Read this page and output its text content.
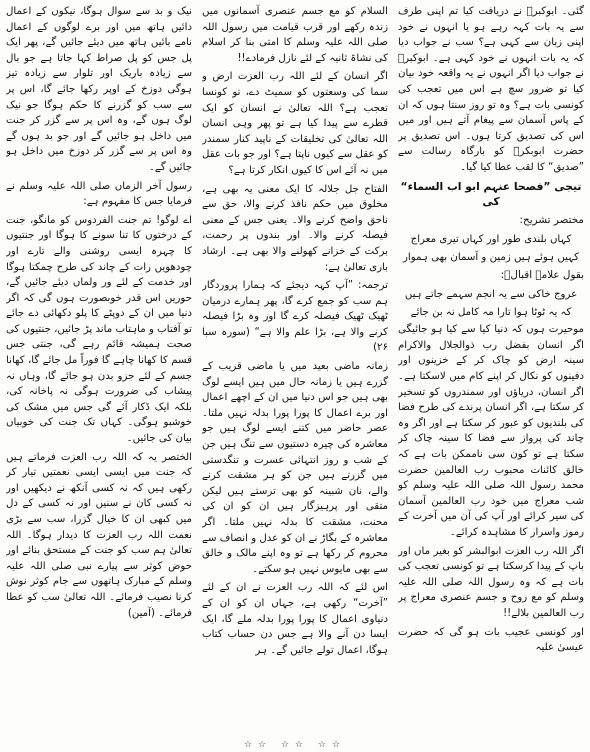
گئی۔ ابوکبرؓ نے دریافت کیا تم اپنی طرف سے یہ بات کہہ رہے ہو یا انہوں نے خود اپنی زبان سے کہی ہے؟ سب نے جواب دیا کہ یہ بات انہوں نے خود کہی ہے۔ ابوکبرؓ نے جواب دیا اگر انہوں نے یہ واقعہ خود بیان کیا تو ضرور سچ ہے اس میں تعجب کی کونسی بات ہے؟ وہ تو روز سنتا ہوں کہ ان کے پاس آسمان سے پیغام آتے ہیں اور میں اس کی تصدیق کرتا ہوں۔ اس تصدیق پر حضرت ابوبکرؓ کو بارگاہ رسالت سے ”صدیق“ کا لقب عطا کیا گیا۔

تیجی ”فصحا عنہم ابو اب السماء“ کی
مختصر تشریح:
کہاں بلندی طور اور کہاں تیری معراج
کہیں ہوئے ہیں زمین و آسمان بھی ہموار
بقول علامہ اقبالؒ:
عروج خاکی سے یہ انجم سہمے جاتے ہیں
کہ یہ ٹوٹا ہوا تارا مہ کامل نہ بن جائے

موحیرت ہوں کہ دنیا کیا سے کیا ہو جائیگی اگر انسان بفضل رب ذوالجلال والاکرام سینہ ارض کو چاک کر کے خزینوں اور دفینوں کو نکال کر اپنے کام میں لاسکتا ہے۔ اگر انسان، دریاؤں اور سمندروں کو تسخیر کر سکتا ہے، اگر انسان پرندے کی طرح فضا کی بلندیوں کو عبور کر سکتا ہے اور اگر وہ چاند کی پرواز سے فضا کا سینہ چاک کر سکتا ہے تو کون سی ناممکن بات ہے کہ خالق کائنات محبوب رب العالمین حضرت محمد رسول اللہ صلی اللہ علیہ وسلم کو شب معراج میں خود رب العالمین آسمان کی سیر کرائے اور آپ کی آن میں آخرت کے رموز واسرار کا مشاہدہ کرائے۔

اگر اللہ رب العزت ابوالبشر کو بغیر ماں اور باپ کے پیدا کرسکتا ہے تو کونسی تعجب کی بات ہے کہ وہ رسول اللہ صلی اللہ علیہ وسلم کو مع روح و جسم عنصری معراج پر رب العالمین بلالے!!

اور کونسی عجیب بات ہو گی کہ حضرت عیسیٰ علیہ

السلام کو مع جسم عنصری آسمانوں میں زندہ رکھے اور قرب قیامت میں رسول اللہ صلی اللہ علیہ وسلم کا امتی بنا کر اسلام کی نشاۃ ثانیہ کے لئے نازل فرمادے!!

اگر انسان کے لئے اللہ رب العزت ارض و سما کی وسعتوں کو سمیٹ دے، تو کونسا تعجب ہے؟ اللہ تعالیٰ نے انسان کو ایک قطرے سے پیدا کیا ہے تو پھر وہی انسان اللہ تعالیٰ کی تخلیقات کے ناپید کنار سمندر کو عقل سے کیوں ناپتا ہے؟ اور جو بات عقل میں نہ آئے اس کا کیوں انکار کرتا ہے؟

الفتاح جل جلالہ کا ایک معنی یہ بھی ہے، مخلوق میں حکم نافذ کرنے والا، حق سے ناحق واضح کرنے والا۔ یعنی جس کے معنی فیصلہ کرنے والا۔ اور بندوں پر رحمت، برکت کے خزانے کھولنے والا بھی ہے۔ ارشاد باری تعالیٰ ہے:

ترجمہ: ”آپ کہہ دیجئے کہ ہمارا پروردگار ہم سب کو جمع کرے گا، پھر ہمارے درمیان ٹھیک ٹھیک فیصلہ کرے گا اور وہ بڑا فیصلہ کرنے والا ہے، بڑا علم والا ہے“ (سورہ سبا ۲۶)

زمانہ ماضی بعید میں یا ماضی قریب کے گزرے ہیں یا زمانہ حال میں ہیں ایسے لوگ بھی ہیں جو اس دنیا میں ان کے اچھے اعمال اور برے اعمال کا پورا پورا بدلہ نہیں ملتا۔ عصر حاضر میں کتنے ایسے لوگ ہیں جو معاشرہ کی چیرہ دستیوں سے تنگ ہیں جن کے شب و روز انتہائی عسرت و تنگدستی میں گزرتے ہیں جن کو ہر مشقت کرنے والے، نان شبینہ کو بھی ترستے ہیں لیکن متقی اور پرہیزگار ہیں ان کو ان کی محنت، مشقت کا بدلہ نہیں ملتا۔ اگر معاشرہ کے بگاڑ نے ان کو عدل و انصاف سے محروم کر رکھا ہے تو وہ اپنے مالک و خالق سے بھی مایوس نہیں ہو سکتے۔

اس لئے کہ اللہ رب العزت نے ان کے لئے ”آخرت“ رکھی ہے، جہاں ان کو ان کے دنیاوی اعمال کا پورا پورا بدلہ ملے گا، ایک ایسا دن آنے والا ہے جس دن حساب کتاب ہوگا، اعمال تولے جائیں گے۔ ہر

نیک و بد سے سوال ہوگا، نیکوں کے اعمال دائیں ہاتھ میں اور برے لوگوں کے اعمال نامے بائیں ہاتھ میں دیئے جائیں گے، پھر ایک پل جس کو پل صراط کہا جاتا ہے جو بال سے زیادہ باریک اور تلوار سے زیادہ تیز ہوگی دوزخ کے اوپر رکھا جائے گا، اس پر سے سب کو گزرنے کا حکم ہوگا جو نیک لوگ ہوں گے، وہ اس پر سے گزر کر جنت میں داخل ہو جائیں گے اور جو بد ہوں گے وہ اس پر سے گزر کر دوزخ میں داخل ہو جائیں گے۔

رسول آخر الزماں صلی اللہ علیہ وسلم نے فرمایا جس کا مفہوم ہے:

اے لوگو! تم جنت الفردوس کو مانگو، جنت کے درختوں کا تنا سونے کا ہوگا اور جنتیوں کا چہرہ ایسی روشنی والے تارے اور چودھویں رات کے چاند کی طرح چمکتا ہوگا اور خدمت کے لئے ور ولماں دیئے جائیں گے، حوریں اس قدر خوبصورت ہوں گی کہ اگر دنیا میں ان کے دوپٹے کا پلو دکھائی دے جائے تو آفتاب و ماہتاب ماند پڑ جائیں، جنتیوں کی صحت ہمیشہ قائم رہے گی، جنتی جس قسم کا کھانا چاہے گا فوراً مل جائے گا، کھانا جسم کے لئے جزو بدن ہو جائے گا، وہاں نہ پیشاب کی ضرورت ہوگی نہ پاخانہ کی، بلکہ ایک ڈکار آئے گی جس میں مشک کی خوشبو ہوگی۔ کہاں تک جنت کی خوبیاں بیان کی جائیں۔

الختصر یہ کہ اللہ رب العزت فرماتے ہیں کہ جنت میں ایسی ایسی نعمتیں تیار کر رکھی ہیں کہ نہ کسی آنکھ نے دیکھیں اور نہ کسی کان نے سنیں اور نہ کسی کے دل میں کبھی ان کا خیال گزرا، سب سے بڑی نعمت اللہ رب العزت کا دیدار ہوگا۔ اللہ تعالیٰ ہم سب کو جنت کے مستحق بنائے اور حوض کوثر سے پیارے نبی صلی اللہ علیہ وسلم کے مبارک ہاتھوں سے جام کوثر نوش کرنا نصیب فرمائے۔ اللہ تعالیٰ سب کو عطا فرمائے۔ (آمین)

☆☆ ☆☆ ☆☆
